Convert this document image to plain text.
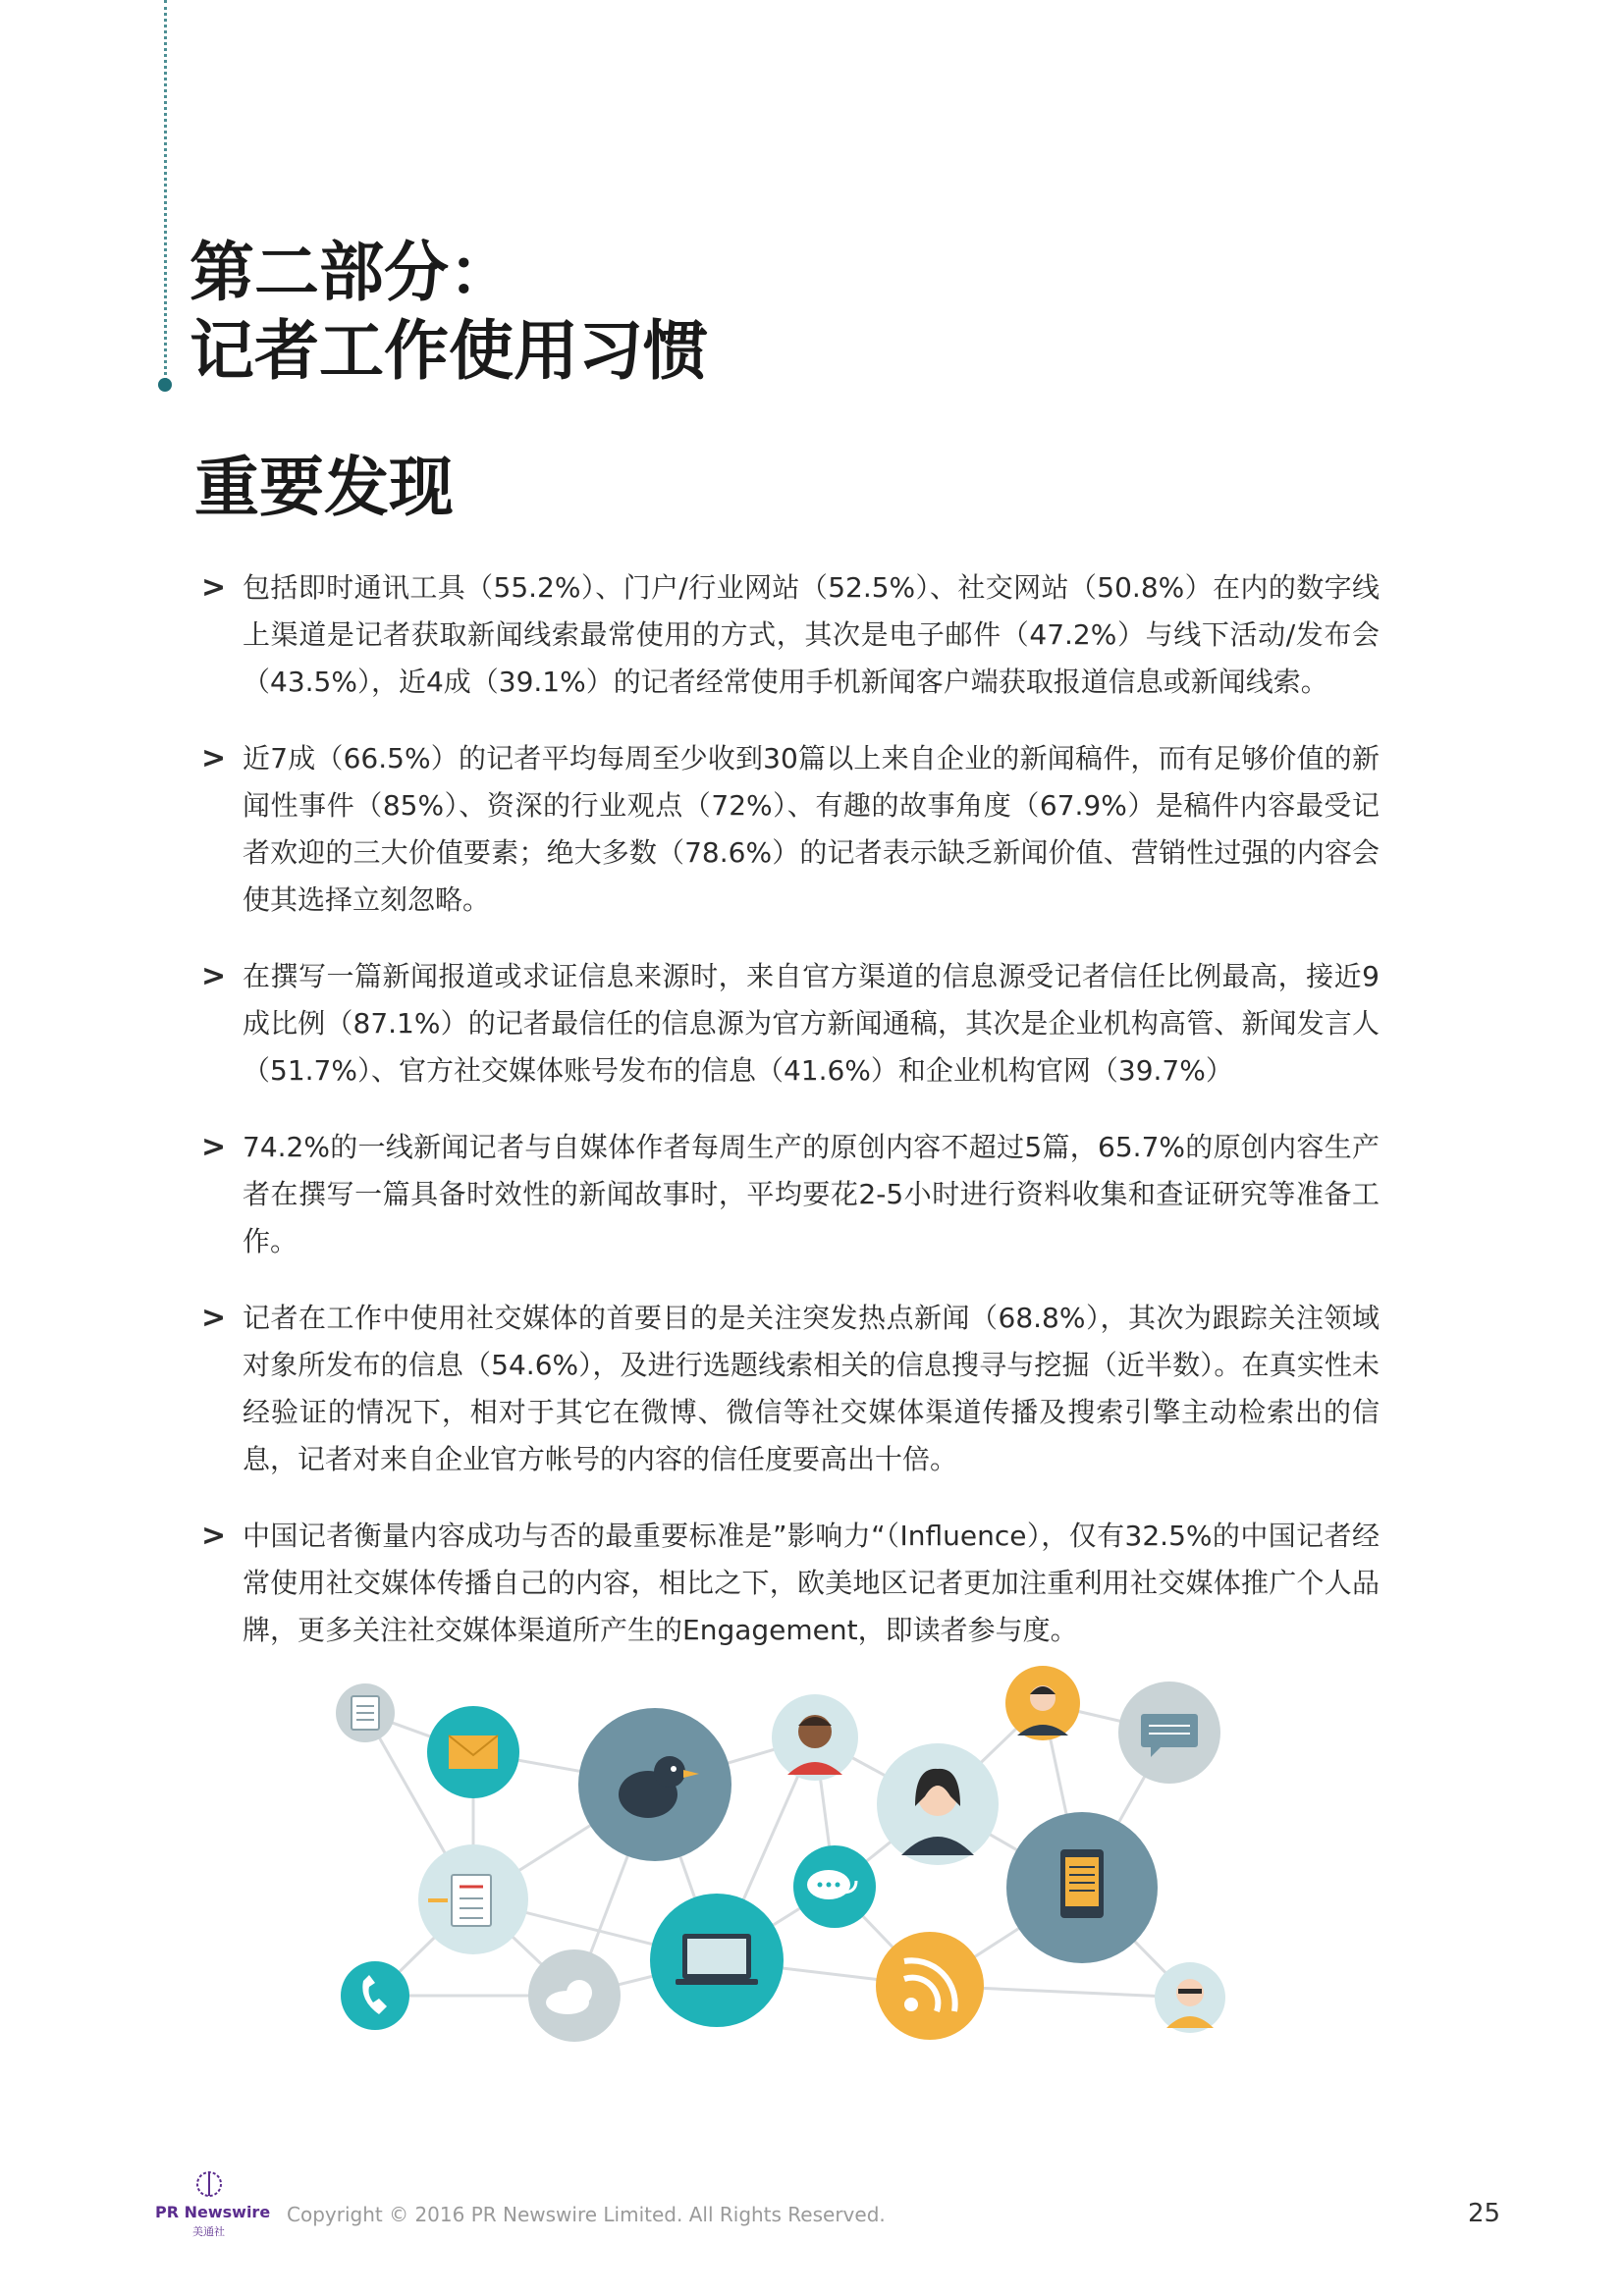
第二部分：
记者工作使用习惯
重要发现
> 包括即时通讯工具（55.2%）、门户/行业网站（52.5%）、社交网站（50.8%）在内的数字线上渠道是记者获取新闻线索最常使用的方式，其次是电子邮件（47.2%）与线下活动/发布会（43.5%），近4成（39.1%）的记者经常使用手机新闻客户端获取报道信息或新闻线索。
> 近7成（66.5%）的记者平均每周至少收到30篇以上来自企业的新闻稿件，而有足够价值的新闻性事件（85%）、资深的行业观点（72%）、有趣的故事角度（67.9%）是稿件内容最受记者欢迎的三大价值要素；绝大多数（78.6%）的记者表示缺乏新闻价值、营销性过强的内容会使其选择立刻忽略。
> 在撰写一篇新闻报道或求证信息来源时，来自官方渠道的信息源受记者信任比例最高，接近9成比例（87.1%）的记者最信任的信息源为官方新闻通稿，其次是企业机构高管、新闻发言人（51.7%）、官方社交媒体账号发布的信息（41.6%）和企业机构官网（39.7%）
> 74.2%的一线新闻记者与自媒体作者每周生产的原创内容不超过5篇，65.7%的原创内容生产者在撰写一篇具备时效性的新闻故事时，平均要花2-5小时进行资料收集和查证研究等准备工作。
> 记者在工作中使用社交媒体的首要目的是关注突发热点新闻（68.8%），其次为跟踪关注领域对象所发布的信息（54.6%），及进行选题线索相关的信息搜寻与挖掘（近半数）。在真实性未经验证的情况下，相对于其它在微博、微信等社交媒体渠道传播及搜索引擎主动检索出的信息，记者对来自企业官方帐号的内容的信任度要高出十倍。
> 中国记者衡量内容成功与否的最重要标准是”影响力“（Influence），仅有32.5%的中国记者经常使用社交媒体传播自己的内容，相比之下，欧美地区记者更加注重利用社交媒体推广个人品牌，更多关注社交媒体渠道所产生的Engagement，即读者参与度。
PR Newswire
美通社
Copyright © 2016 PR Newswire Limited. All Rights Reserved.	25
